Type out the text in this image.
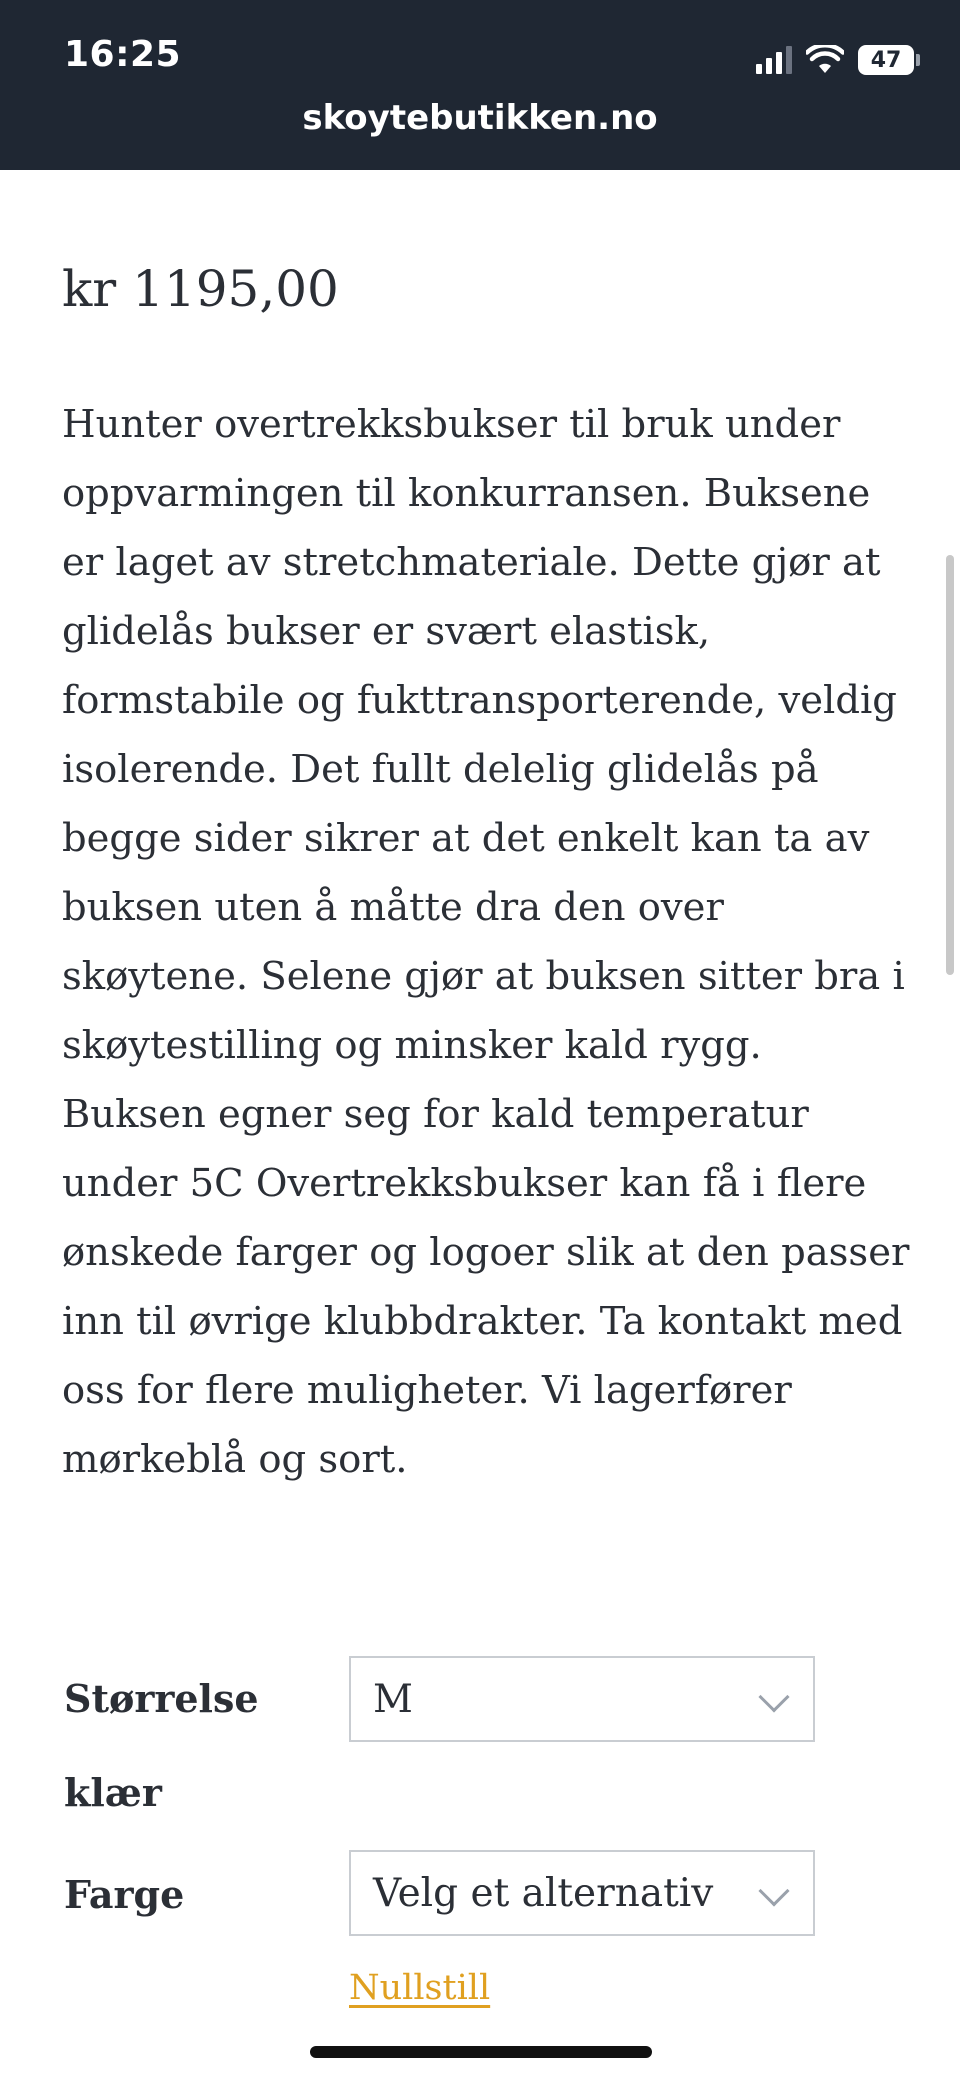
16:25	47
skoytebutikken.no
kr 1195,00

Hunter overtrekksbukser til bruk under oppvarmingen til konkurransen. Buksene er laget av stretchmateriale. Dette gjør at glidelås bukser er svært elastisk, formstabile og fukttransporterende, veldig isolerende. Det fullt delelig glidelås på begge sider sikrer at det enkelt kan ta av buksen uten å måtte dra den over skøytene. Selene gjør at buksen sitter bra i skøytestilling og minsker kald rygg. Buksen egner seg for kald temperatur under 5C Overtrekksbukser kan få i flere ønskede farger og logoer slik at den passer inn til øvrige klubbdrakter. Ta kontakt med oss for flere muligheter. Vi lagerfører mørkeblå og sort.

Størrelse klær
M
Farge	Velg et alternativ
Nullstill
